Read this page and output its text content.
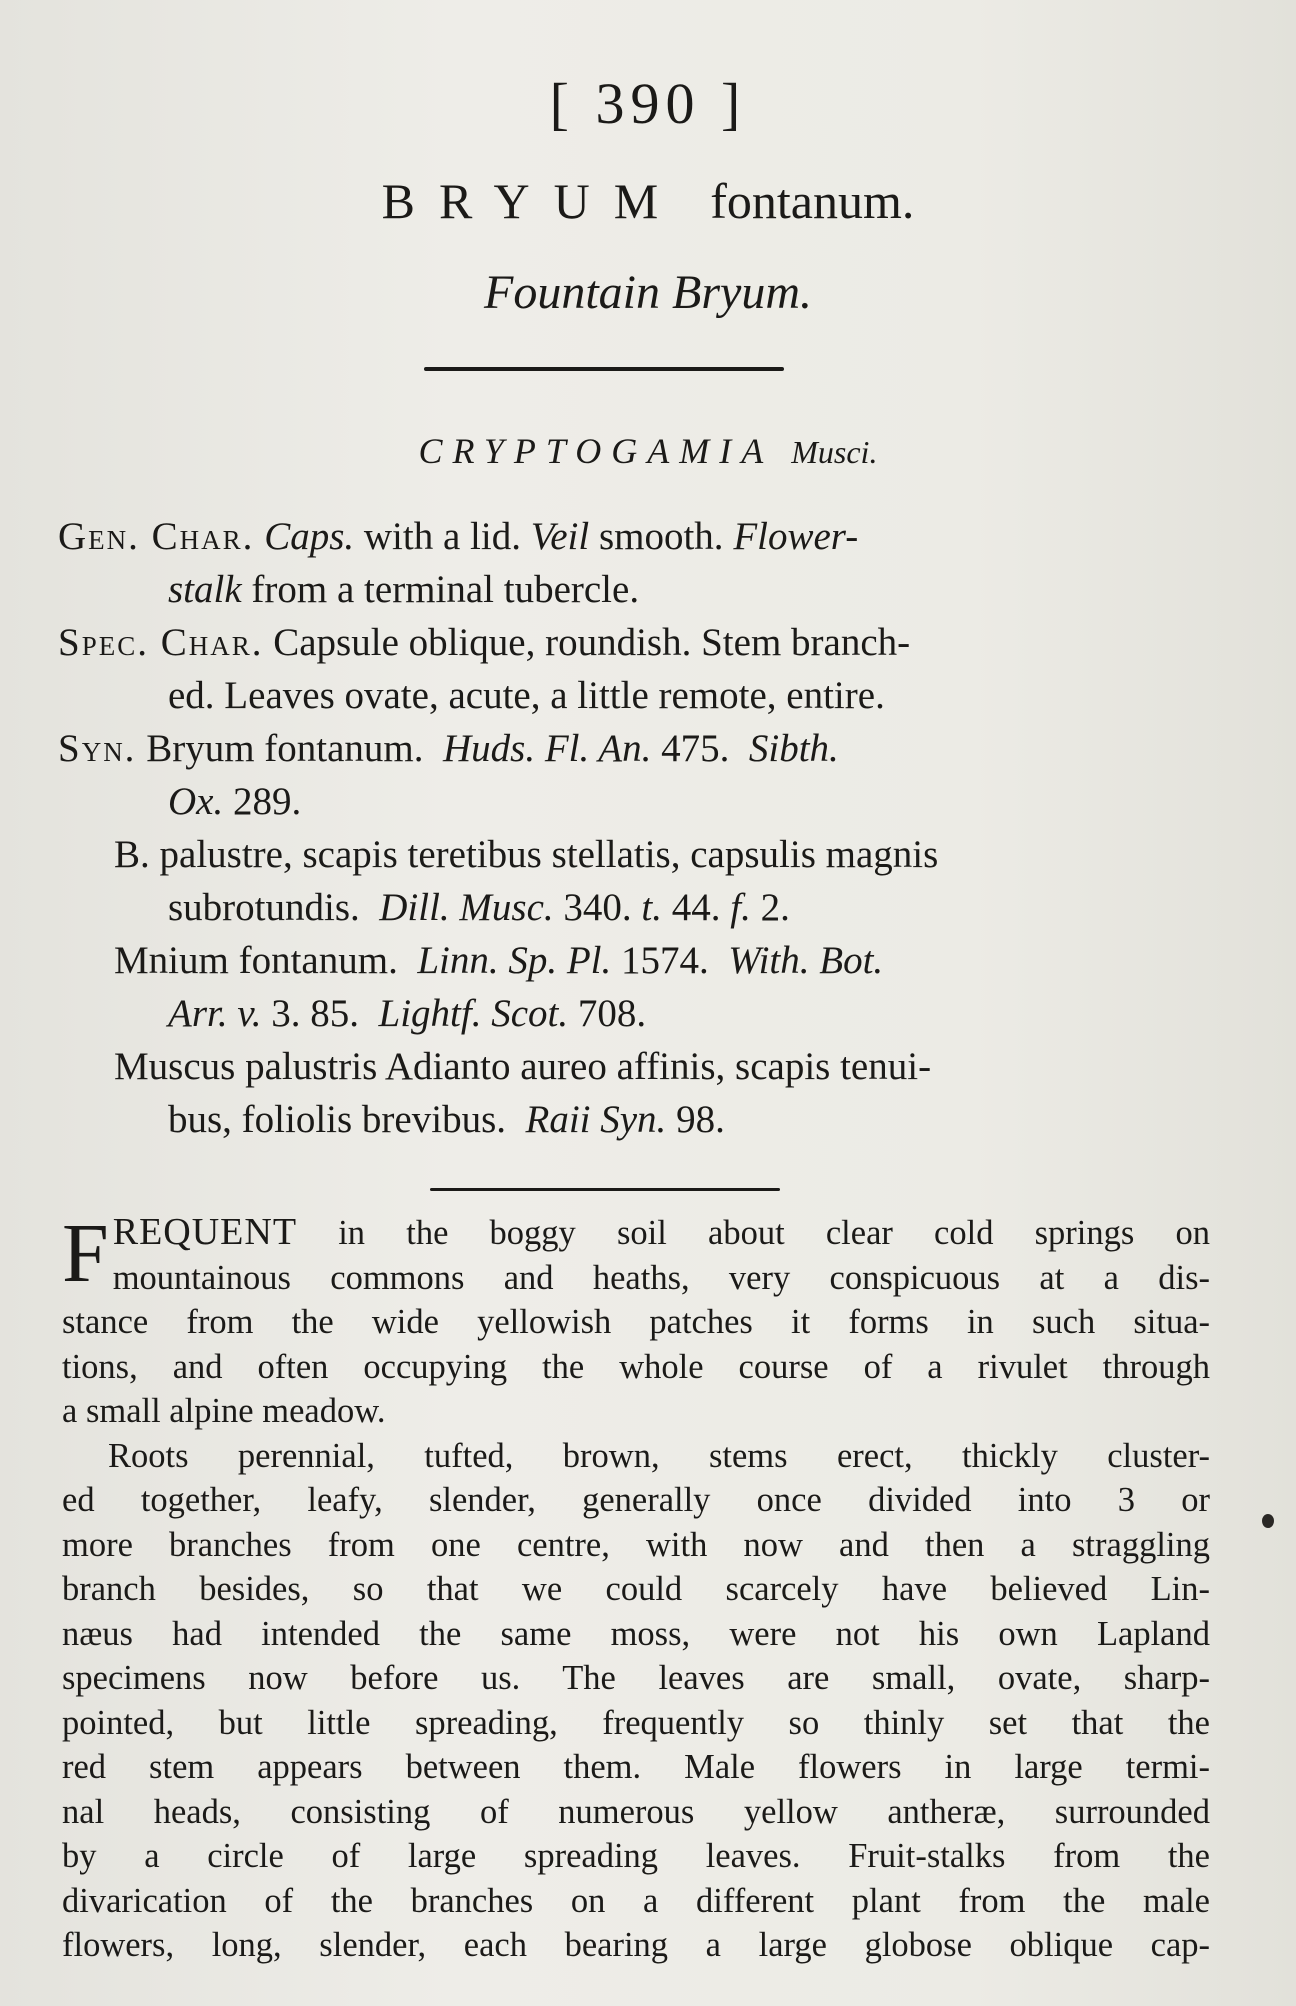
[ 390 ]
BRYUM fontanum.
Fountain Bryum.
CRYPTOGAMIA Musci.

Gen. Char. Caps. with a lid. Veil smooth. Flower-

stalk from a terminal tubercle.

Spec. Char. Capsule oblique, roundish. Stem branch-

ed. Leaves ovate, acute, a little remote, entire.

Syn. Bryum fontanum. Huds. Fl. An. 475. Sibth.

Ox. 289.

B. palustre, scapis teretibus stellatis, capsulis magnis

subrotundis. Dill. Musc. 340. t. 44. f. 2.

Mnium fontanum. Linn. Sp. Pl. 1574. With. Bot.

Arr. v. 3. 85. Lightf. Scot. 708.

Muscus palustris Adianto aureo affinis, scapis tenui-

bus, foliolis brevibus. Raii Syn. 98.

F REQUENT in the boggy soil about clear cold springs on
mountainous commons and heaths, very conspicuous at a dis-
stance from the wide yellowish patches it forms in such situa-
tions, and often occupying the whole course of a rivulet through
a small alpine meadow.

Roots perennial, tufted, brown, stems erect, thickly cluster-
ed together, leafy, slender, generally once divided into 3 or
more branches from one centre, with now and then a straggling
branch besides, so that we could scarcely have believed Lin-
næus had intended the same moss, were not his own Lapland
specimens now before us. The leaves are small, ovate, sharp-
pointed, but little spreading, frequently so thinly set that the
red stem appears between them. Male flowers in large termi-
nal heads, consisting of numerous yellow antheræ, surrounded
by a circle of large spreading leaves. Fruit-stalks from the
divarication of the branches on a different plant from the male
flowers, long, slender, each bearing a large globose oblique cap-
